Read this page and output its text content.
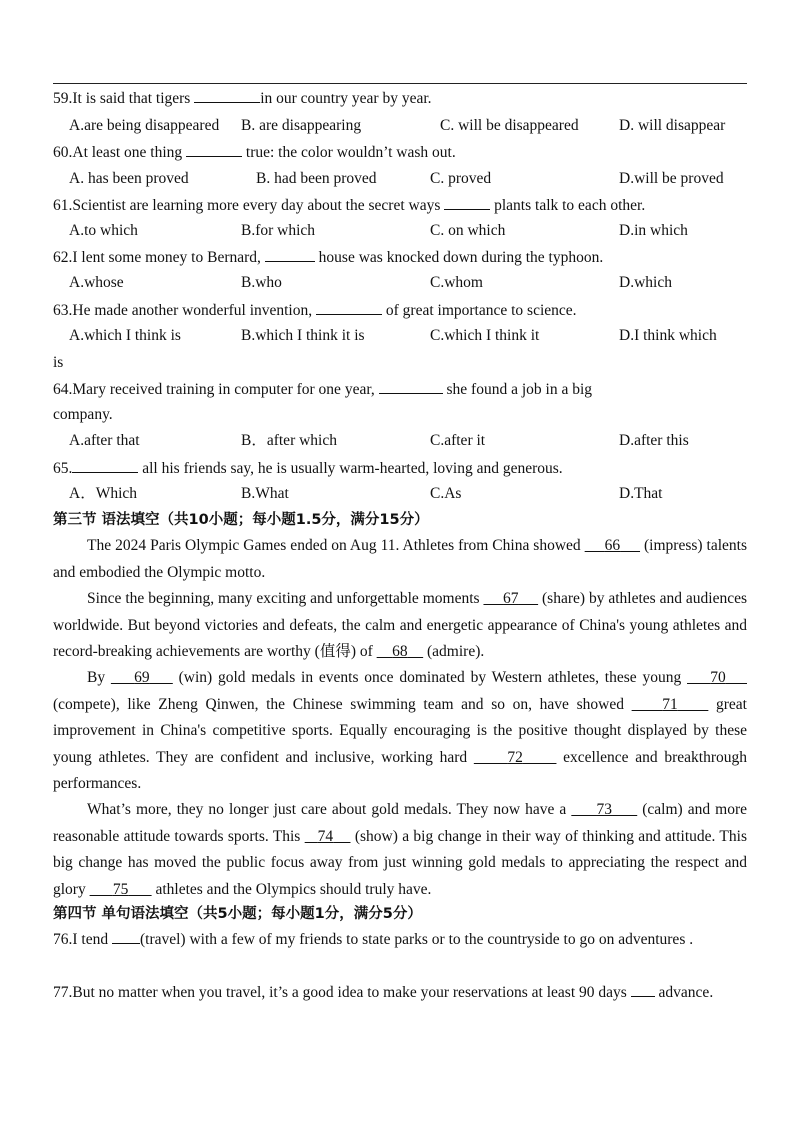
59.It is said that tigers	in our country year by year.
A.are being disappeared B. are disappearing	C. will be disappeared	D. will disappear
60.At least one thing	true: the color wouldn’t wash out.
A. has been proved	B. had been proved	C. proved	D.will be proved
61.Scientist are learning more every day about the secret ways	plants talk to each other.
A.to which	B.for which	C. on which	D.in which
62.I lent some money to Bernard,	house was knocked down during the typhoon.
A.whose	B.who	C.whom	D.which
63.He made another wonderful invention,	of great importance to science.
A.which I think is	B.which I think it is	C.which I think it	D.I think which
is
64.Mary received training in computer for one year,	she found a job in a big
company.
A.after that	B．after which	C.after it	D.after this
65.	all his friends say, he is usually warm-hearted, loving and generous.
A．Which	B.What	C.As	D.That
第三节 语法填空（共10小题；每小题1.5分，满分15分）
The 2024 Paris Olympic Games ended on Aug 11. Athletes from China showed      66      (impress) talents and embodied the Olympic motto.
Since the beginning, many exciting and unforgettable moments      67      (share) by athletes and audiences worldwide. But beyond victories and defeats, the calm and energetic appearance of China's young athletes and record-breaking achievements are worthy (值得) of     68     (admire).
By     69     (win) gold medals in events once dominated by Western athletes, these young     70     (compete), like Zheng Qinwen, the Chinese swimming team and so on, have showed     71     great improvement in China's competitive sports. Equally encouraging is the positive thought displayed by these young athletes. They are confident and inclusive, working hard      72      excellence and breakthrough performances.
What’s more, they no longer just care about gold medals. They now have a      73      (calm) and more reasonable attitude towards sports. This    74     (show) a big change in their way of thinking and attitude. This big change has moved the public focus away from just winning gold medals to appreciating the respect and glory       75       athletes and the Olympics should truly have.
第四节 单句语法填空（共5小题；每小题1分，满分5分）
76.I tend (travel) with a few of my friends to state parks or to the countryside to go on adventures .
77.But no matter when you travel, it’s a good idea to make your reservations at least 90 days  advance.
